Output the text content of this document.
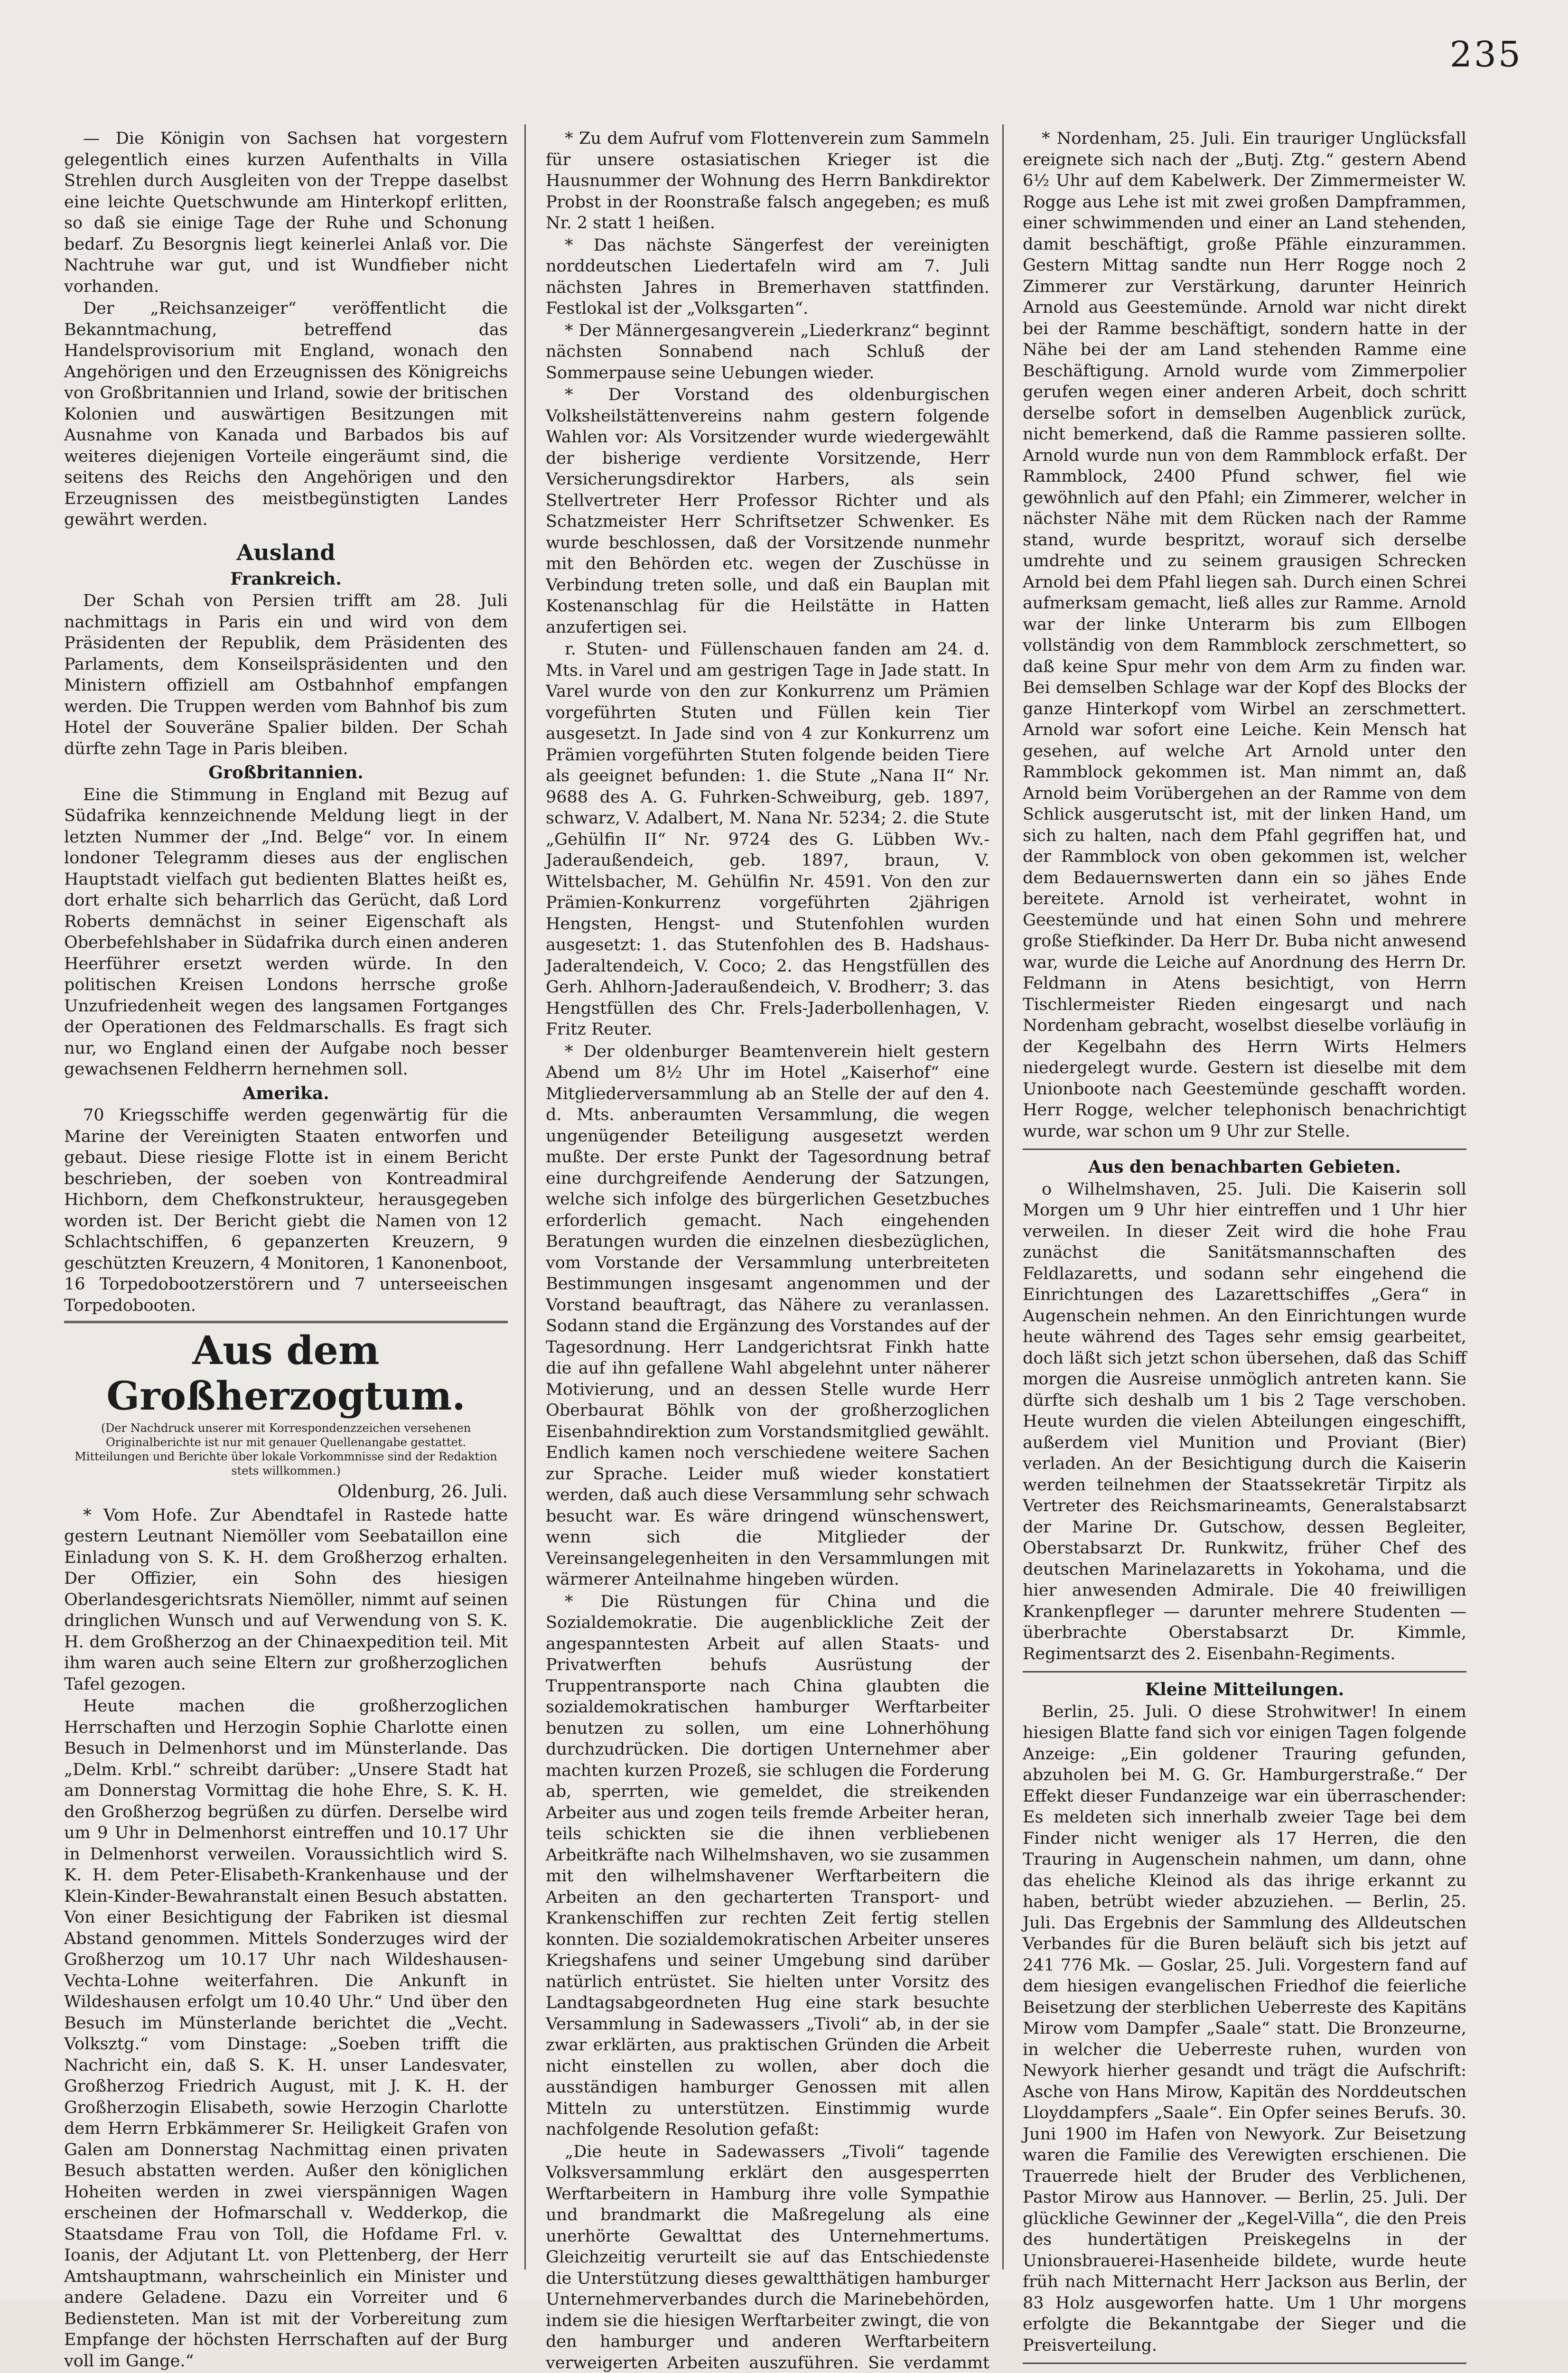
235

— Die Königin von Sachsen hat vorgestern gelegentlich eines kurzen Aufenthalts in Villa Strehlen durch Ausgleiten von der Treppe daselbst eine leichte Quetschwunde am Hinterkopf erlitten, so daß sie einige Tage der Ruhe und Schonung bedarf. Zu Besorgnis liegt keinerlei Anlaß vor. Die Nachtruhe war gut, und ist Wundfieber nicht vorhanden.

Der „Reichsanzeiger“ veröffentlicht die Bekanntmachung, betreffend das Handelsprovisorium mit England, wonach den Angehörigen und den Erzeugnissen des Königreichs von Großbritannien und Irland, sowie der britischen Kolonien und auswärtigen Besitzungen mit Ausnahme von Kanada und Barbados bis auf weiteres diejenigen Vorteile eingeräumt sind, die seitens des Reichs den Angehörigen und den Erzeugnissen des meistbegünstigten Landes gewährt werden.

Ausland
Frankreich.

Der Schah von Persien trifft am 28. Juli nachmittags in Paris ein und wird von dem Präsidenten der Republik, dem Präsidenten des Parlaments, dem Konseilspräsidenten und den Ministern offiziell am Ostbahnhof empfangen werden. Die Truppen werden vom Bahnhof bis zum Hotel der Souveräne Spalier bilden. Der Schah dürfte zehn Tage in Paris bleiben.

Großbritannien.

Eine die Stimmung in England mit Bezug auf Südafrika kennzeichnende Meldung liegt in der letzten Nummer der „Ind. Belge“ vor. In einem londoner Telegramm dieses aus der englischen Hauptstadt vielfach gut bedienten Blattes heißt es, dort erhalte sich beharrlich das Gerücht, daß Lord Roberts demnächst in seiner Eigenschaft als Oberbefehlshaber in Südafrika durch einen anderen Heerführer ersetzt werden würde. In den politischen Kreisen Londons herrsche große Unzufriedenheit wegen des langsamen Fortganges der Operationen des Feldmarschalls. Es fragt sich nur, wo England einen der Aufgabe noch besser gewachsenen Feldherrn hernehmen soll.

Amerika.

70 Kriegsschiffe werden gegenwärtig für die Marine der Vereinigten Staaten entworfen und gebaut. Diese riesige Flotte ist in einem Bericht beschrieben, der soeben von Kontreadmiral Hichborn, dem Chefkonstrukteur, herausgegeben worden ist. Der Bericht giebt die Namen von 12 Schlachtschiffen, 6 gepanzerten Kreuzern, 9 geschützten Kreuzern, 4 Monitoren, 1 Kanonenboot, 16 Torpedobootzerstörern und 7 unterseeischen Torpedobooten.

Aus dem Großherzogtum.
(Der Nachdruck unserer mit Korrespondenzzeichen versehenen Originalberichte ist nur mit genauer Quellenangabe gestattet. Mitteilungen und Berichte über lokale Vorkommnisse sind der Redaktion stets willkommen.)
Oldenburg, 26. Juli.

* Vom Hofe. Zur Abendtafel in Rastede hatte gestern Leutnant Niemöller vom Seebataillon eine Einladung von S. K. H. dem Großherzog erhalten. Der Offizier, ein Sohn des hiesigen Oberlandesgerichtsrats Niemöller, nimmt auf seinen dringlichen Wunsch und auf Verwendung von S. K. H. dem Großherzog an der Chinaexpedition teil. Mit ihm waren auch seine Eltern zur großherzoglichen Tafel gezogen.

Heute machen die großherzoglichen Herrschaften und Herzogin Sophie Charlotte einen Besuch in Delmenhorst und im Münsterlande. Das „Delm. Krbl.“ schreibt darüber: „Unsere Stadt hat am Donnerstag Vormittag die hohe Ehre, S. K. H. den Großherzog begrüßen zu dürfen. Derselbe wird um 9 Uhr in Delmenhorst eintreffen und 10.17 Uhr in Delmenhorst verweilen. Voraussichtlich wird S. K. H. dem Peter-Elisabeth-Krankenhause und der Klein-Kinder-Bewahranstalt einen Besuch abstatten. Von einer Besichtigung der Fabriken ist diesmal Abstand genommen. Mittels Sonderzuges wird der Großherzog um 10.17 Uhr nach Wildeshausen-Vechta-Lohne weiterfahren. Die Ankunft in Wildeshausen erfolgt um 10.40 Uhr.“ Und über den Besuch im Münsterlande berichtet die „Vecht. Volksztg.“ vom Dinstage: „Soeben trifft die Nachricht ein, daß S. K. H. unser Landesvater, Großherzog Friedrich August, mit J. K. H. der Großherzogin Elisabeth, sowie Herzogin Charlotte dem Herrn Erbkämmerer Sr. Heiligkeit Grafen von Galen am Donnerstag Nachmittag einen privaten Besuch abstatten werden. Außer den königlichen Hoheiten werden in zwei vierspännigen Wagen erscheinen der Hofmarschall v. Wedderkop, die Staatsdame Frau von Toll, die Hofdame Frl. v. Ioanis, der Adjutant Lt. von Plettenberg, der Herr Amtshauptmann, wahrscheinlich ein Minister und andere Geladene. Dazu ein Vorreiter und 6 Bediensteten. Man ist mit der Vorbereitung zum Empfange der höchsten Herrschaften auf der Burg voll im Gange.“

* Zu dem Aufruf vom Flottenverein zum Sammeln für unsere ostasiatischen Krieger ist die Hausnummer der Wohnung des Herrn Bankdirektor Probst in der Roonstraße falsch angegeben; es muß Nr. 2 statt 1 heißen.

* Das nächste Sängerfest der vereinigten norddeutschen Liedertafeln wird am 7. Juli nächsten Jahres in Bremerhaven stattfinden. Festlokal ist der „Volksgarten“.

* Der Männergesangverein „Liederkranz“ beginnt nächsten Sonnabend nach Schluß der Sommerpause seine Uebungen wieder.

* Der Vorstand des oldenburgischen Volksheilstättenvereins nahm gestern folgende Wahlen vor: Als Vorsitzender wurde wiedergewählt der bisherige verdiente Vorsitzende, Herr Versicherungsdirektor Harbers, als sein Stellvertreter Herr Professor Richter und als Schatzmeister Herr Schriftsetzer Schwenker. Es wurde beschlossen, daß der Vorsitzende nunmehr mit den Behörden etc. wegen der Zuschüsse in Verbindung treten solle, und daß ein Bauplan mit Kostenanschlag für die Heilstätte in Hatten anzufertigen sei.

r. Stuten- und Füllenschauen fanden am 24. d. Mts. in Varel und am gestrigen Tage in Jade statt. In Varel wurde von den zur Konkurrenz um Prämien vorgeführten Stuten und Füllen kein Tier ausgesetzt. In Jade sind von 4 zur Konkurrenz um Prämien vorgeführten Stuten folgende beiden Tiere als geeignet befunden: 1. die Stute „Nana II“ Nr. 9688 des A. G. Fuhrken-Schweiburg, geb. 1897, schwarz, V. Adalbert, M. Nana Nr. 5234; 2. die Stute „Gehülfin II“ Nr. 9724 des G. Lübben Wv.-Jaderaußendeich, geb. 1897, braun, V. Wittelsbacher, M. Gehülfin Nr. 4591. Von den zur Prämien-Konkurrenz vorgeführten 2jährigen Hengsten, Hengst- und Stutenfohlen wurden ausgesetzt: 1. das Stutenfohlen des B. Hadshaus-Jaderaltendeich, V. Coco; 2. das Hengstfüllen des Gerh. Ahlhorn-Jaderaußendeich, V. Brodherr; 3. das Hengstfüllen des Chr. Frels-Jaderbollenhagen, V. Fritz Reuter.

* Der oldenburger Beamtenverein hielt gestern Abend um 8½ Uhr im Hotel „Kaiserhof“ eine Mitgliederversammlung ab an Stelle der auf den 4. d. Mts. anberaumten Versammlung, die wegen ungenügender Beteiligung ausgesetzt werden mußte. Der erste Punkt der Tagesordnung betraf eine durchgreifende Aenderung der Satzungen, welche sich infolge des bürgerlichen Gesetzbuches erforderlich gemacht. Nach eingehenden Beratungen wurden die einzelnen diesbezüglichen, vom Vorstande der Versammlung unterbreiteten Bestimmungen insgesamt angenommen und der Vorstand beauftragt, das Nähere zu veranlassen. Sodann stand die Ergänzung des Vorstandes auf der Tagesordnung. Herr Landgerichtsrat Finkh hatte die auf ihn gefallene Wahl abgelehnt unter näherer Motivierung, und an dessen Stelle wurde Herr Oberbaurat Böhlk von der großherzoglichen Eisenbahndirektion zum Vorstandsmitglied gewählt. Endlich kamen noch verschiedene weitere Sachen zur Sprache. Leider muß wieder konstatiert werden, daß auch diese Versammlung sehr schwach besucht war. Es wäre dringend wünschenswert, wenn sich die Mitglieder der Vereinsangelegenheiten in den Versammlungen mit wärmerer Anteilnahme hingeben würden.

* Die Rüstungen für China und die Sozialdemokratie. Die augenblickliche Zeit der angespanntesten Arbeit auf allen Staats- und Privatwerften behufs Ausrüstung der Truppentransporte nach China glaubten die sozialdemokratischen hamburger Werftarbeiter benutzen zu sollen, um eine Lohnerhöhung durchzudrücken. Die dortigen Unternehmer aber machten kurzen Prozeß, sie schlugen die Forderung ab, sperrten, wie gemeldet, die streikenden Arbeiter aus und zogen teils fremde Arbeiter heran, teils schickten sie die ihnen verbliebenen Arbeitkräfte nach Wilhelmshaven, wo sie zusammen mit den wilhelmshavener Werftarbeitern die Arbeiten an den gecharterten Transport- und Krankenschiffen zur rechten Zeit fertig stellen konnten. Die sozialdemokratischen Arbeiter unseres Kriegshafens und seiner Umgebung sind darüber natürlich entrüstet. Sie hielten unter Vorsitz des Landtagsabgeordneten Hug eine stark besuchte Versammlung in Sadewassers „Tivoli“ ab, in der sie zwar erklärten, aus praktischen Gründen die Arbeit nicht einstellen zu wollen, aber doch die ausständigen hamburger Genossen mit allen Mitteln zu unterstützen. Einstimmig wurde nachfolgende Resolution gefaßt:

„Die heute in Sadewassers „Tivoli“ tagende Volksversammlung erklärt den ausgesperrten Werftarbeitern in Hamburg ihre volle Sympathie und brandmarkt die Maßregelung als eine unerhörte Gewalttat des Unternehmertums. Gleichzeitig verurteilt sie auf das Entschiedenste die Unterstützung dieses gewaltthätigen hamburger Unternehmerverbandes durch die Marinebehörden, indem sie die hiesigen Werftarbeiter zwingt, die von den hamburger und anderen Werftarbeitern verweigerten Arbeiten auszuführen. Sie verdammt

* Nordenham, 25. Juli. Ein trauriger Unglücksfall ereignete sich nach der „Butj. Ztg.“ gestern Abend 6½ Uhr auf dem Kabelwerk. Der Zimmermeister W. Rogge aus Lehe ist mit zwei großen Dampframmen, einer schwimmenden und einer an Land stehenden, damit beschäftigt, große Pfähle einzurammen. Gestern Mittag sandte nun Herr Rogge noch 2 Zimmerer zur Verstärkung, darunter Heinrich Arnold aus Geestemünde. Arnold war nicht direkt bei der Ramme beschäftigt, sondern hatte in der Nähe bei der am Land stehenden Ramme eine Beschäftigung. Arnold wurde vom Zimmerpolier gerufen wegen einer anderen Arbeit, doch schritt derselbe sofort in demselben Augenblick zurück, nicht bemerkend, daß die Ramme passieren sollte. Arnold wurde nun von dem Rammblock erfaßt. Der Rammblock, 2400 Pfund schwer, fiel wie gewöhnlich auf den Pfahl; ein Zimmerer, welcher in nächster Nähe mit dem Rücken nach der Ramme stand, wurde bespritzt, worauf sich derselbe umdrehte und zu seinem grausigen Schrecken Arnold bei dem Pfahl liegen sah. Durch einen Schrei aufmerksam gemacht, ließ alles zur Ramme. Arnold war der linke Unterarm bis zum Ellbogen vollständig von dem Rammblock zerschmettert, so daß keine Spur mehr von dem Arm zu finden war. Bei demselben Schlage war der Kopf des Blocks der ganze Hinterkopf vom Wirbel an zerschmettert. Arnold war sofort eine Leiche. Kein Mensch hat gesehen, auf welche Art Arnold unter den Rammblock gekommen ist. Man nimmt an, daß Arnold beim Vorübergehen an der Ramme von dem Schlick ausgerutscht ist, mit der linken Hand, um sich zu halten, nach dem Pfahl gegriffen hat, und der Rammblock von oben gekommen ist, welcher dem Bedauernswerten dann ein so jähes Ende bereitete. Arnold ist verheiratet, wohnt in Geestemünde und hat einen Sohn und mehrere große Stiefkinder. Da Herr Dr. Buba nicht anwesend war, wurde die Leiche auf Anordnung des Herrn Dr. Feldmann in Atens besichtigt, von Herrn Tischlermeister Rieden eingesargt und nach Nordenham gebracht, woselbst dieselbe vorläufig in der Kegelbahn des Herrn Wirts Helmers niedergelegt wurde. Gestern ist dieselbe mit dem Unionboote nach Geestemünde geschafft worden. Herr Rogge, welcher telephonisch benachrichtigt wurde, war schon um 9 Uhr zur Stelle.

Aus den benachbarten Gebieten.

o Wilhelmshaven, 25. Juli. Die Kaiserin soll Morgen um 9 Uhr hier eintreffen und 1 Uhr hier verweilen. In dieser Zeit wird die hohe Frau zunächst die Sanitätsmannschaften des Feldlazaretts, und sodann sehr eingehend die Einrichtungen des Lazarettschiffes „Gera“ in Augenschein nehmen. An den Einrichtungen wurde heute während des Tages sehr emsig gearbeitet, doch läßt sich jetzt schon übersehen, daß das Schiff morgen die Ausreise unmöglich antreten kann. Sie dürfte sich deshalb um 1 bis 2 Tage verschoben. Heute wurden die vielen Abteilungen eingeschifft, außerdem viel Munition und Proviant (Bier) verladen. An der Besichtigung durch die Kaiserin werden teilnehmen der Staatssekretär Tirpitz als Vertreter des Reichsmarineamts, Generalstabsarzt der Marine Dr. Gutschow, dessen Begleiter, Oberstabsarzt Dr. Runkwitz, früher Chef des deutschen Marinelazaretts in Yokohama, und die hier anwesenden Admirale. Die 40 freiwilligen Krankenpfleger — darunter mehrere Studenten — überbrachte Oberstabsarzt Dr. Kimmle, Regimentsarzt des 2. Eisenbahn-Regiments.

Kleine Mitteilungen.

Berlin, 25. Juli. O diese Strohwitwer! In einem hiesigen Blatte fand sich vor einigen Tagen folgende Anzeige: „Ein goldener Trauring gefunden, abzuholen bei M. G. Gr. Hamburgerstraße.“ Der Effekt dieser Fundanzeige war ein überraschender: Es meldeten sich innerhalb zweier Tage bei dem Finder nicht weniger als 17 Herren, die den Trauring in Augenschein nahmen, um dann, ohne das eheliche Kleinod als das ihrige erkannt zu haben, betrübt wieder abzuziehen. — Berlin, 25. Juli. Das Ergebnis der Sammlung des Alldeutschen Verbandes für die Buren beläuft sich bis jetzt auf 241 776 Mk. — Goslar, 25. Juli. Vorgestern fand auf dem hiesigen evangelischen Friedhof die feierliche Beisetzung der sterblichen Ueberreste des Kapitäns Mirow vom Dampfer „Saale“ statt. Die Bronzeurne, in welcher die Ueberreste ruhen, wurden von Newyork hierher gesandt und trägt die Aufschrift: Asche von Hans Mirow, Kapitän des Norddeutschen Lloyddampfers „Saale“. Ein Opfer seines Berufs. 30. Juni 1900 im Hafen von Newyork. Zur Beisetzung waren die Familie des Verewigten erschienen. Die Trauerrede hielt der Bruder des Verblichenen, Pastor Mirow aus Hannover. — Berlin, 25. Juli. Der glückliche Gewinner der „Kegel-Villa“, die den Preis des hundertätigen Preiskegelns in der Unionsbrauerei-Hasenheide bildete, wurde heute früh nach Mitternacht Herr Jackson aus Berlin, der 83 Holz ausgeworfen hatte. Um 1 Uhr morgens erfolgte die Bekanntgabe der Sieger und die Preisverteilung.
